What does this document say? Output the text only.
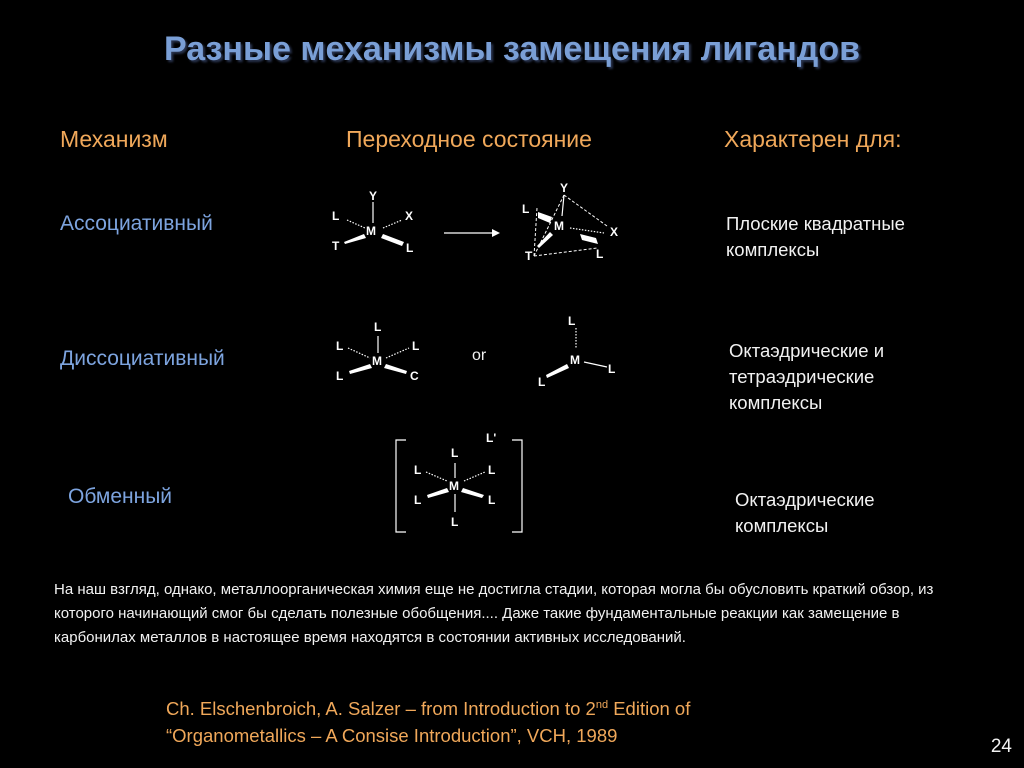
Разные механизмы замещения лигандов
Механизм	Переходное состояние	Характерен для:
Ассоциативный	Плоские квадратные
комплексы
Диссоциативный	Октаэдрические и
тетраэдрические
комплексы
or
Обменный	Октаэдрические
комплексы
Y
L	X
M
T	L
Y
L
M	X
T	L
L
L	L
M
L	C
L
M
L
L
L'
L
L	L
M
L	L
L
На наш взгляд, однако, металлоорганическая химия еще не достигла стадии, которая могла бы обусловить краткий обзор, из которого начинающий смог бы сделать полезные обобщения.... Даже такие фундаментальные реакции как замещение в карбонилах металлов в настоящее время находятся в состоянии активных исследований.
Ch. Elschenbroich, A. Salzer – from Introduction to 2nd Edition of
“Organometallics – A Consise Introduction”, VCH, 1989
24
